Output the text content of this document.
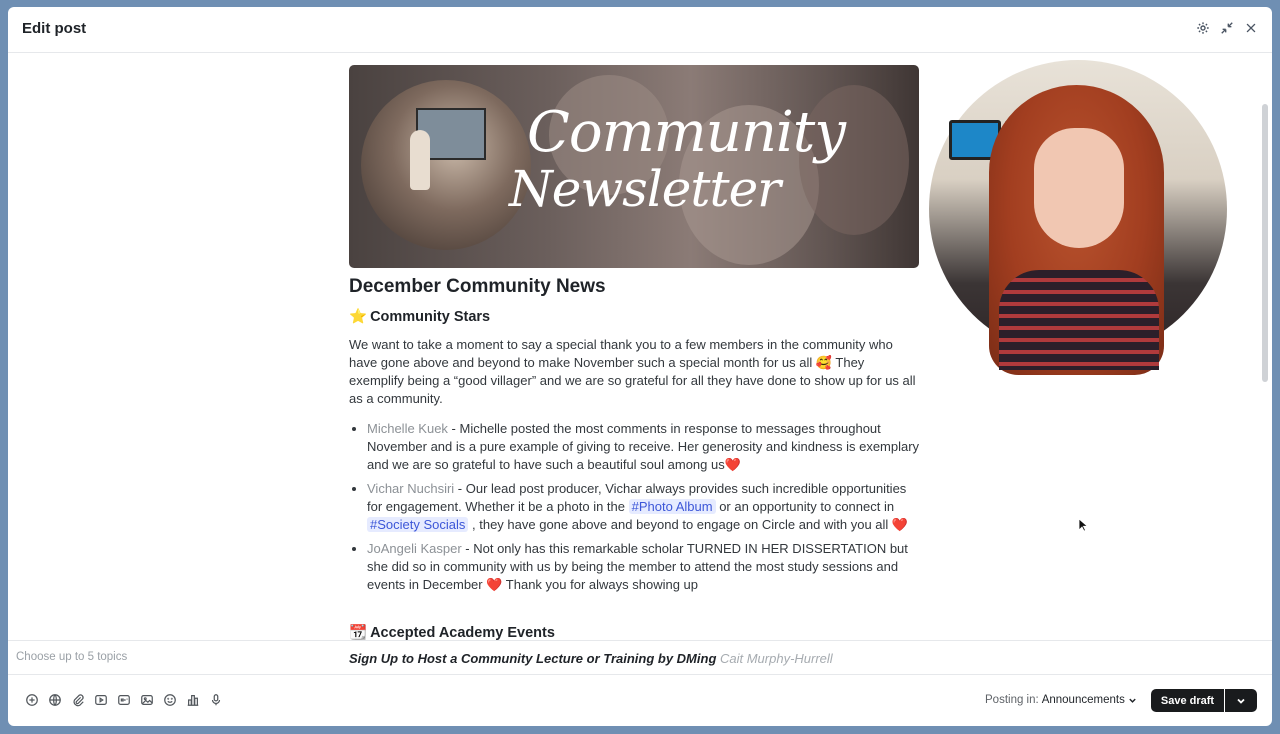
Edit post
Community
Newsletter
December Community News
⭐ Community Stars

We want to take a moment to say a special thank you to a few members in the community who have gone above and beyond to make November such a special month for us all 🥰 They exemplify being a “good villager” and we are so grateful for all they have done to show up for us all as a community.

• Michelle Kuek - Michelle posted the most comments in response to messages throughout November and is a pure example of giving to receive. Her generosity and kindness is exemplary and we are so grateful to have such a beautiful soul among us❤️
• Vichar Nuchsiri - Our lead post producer, Vichar always provides such incredible opportunities for engagement. Whether it be a photo in the #Photo Album or an opportunity to connect in #Society Socials , they have gone above and beyond to engage on Circle and with you all ❤️
• JoAngeli Kasper - Not only has this remarkable scholar TURNED IN HER DISSERTATION but she did so in community with us by being the member to attend the most study sessions and events in December ❤️ Thank you for always showing up
📆 Accepted Academy Events
Sign Up to Host a Community Lecture or Training by DMing Cait Murphy-Hurrell
Choose up to 5 topics
Posting in: Announcements	Save draft
